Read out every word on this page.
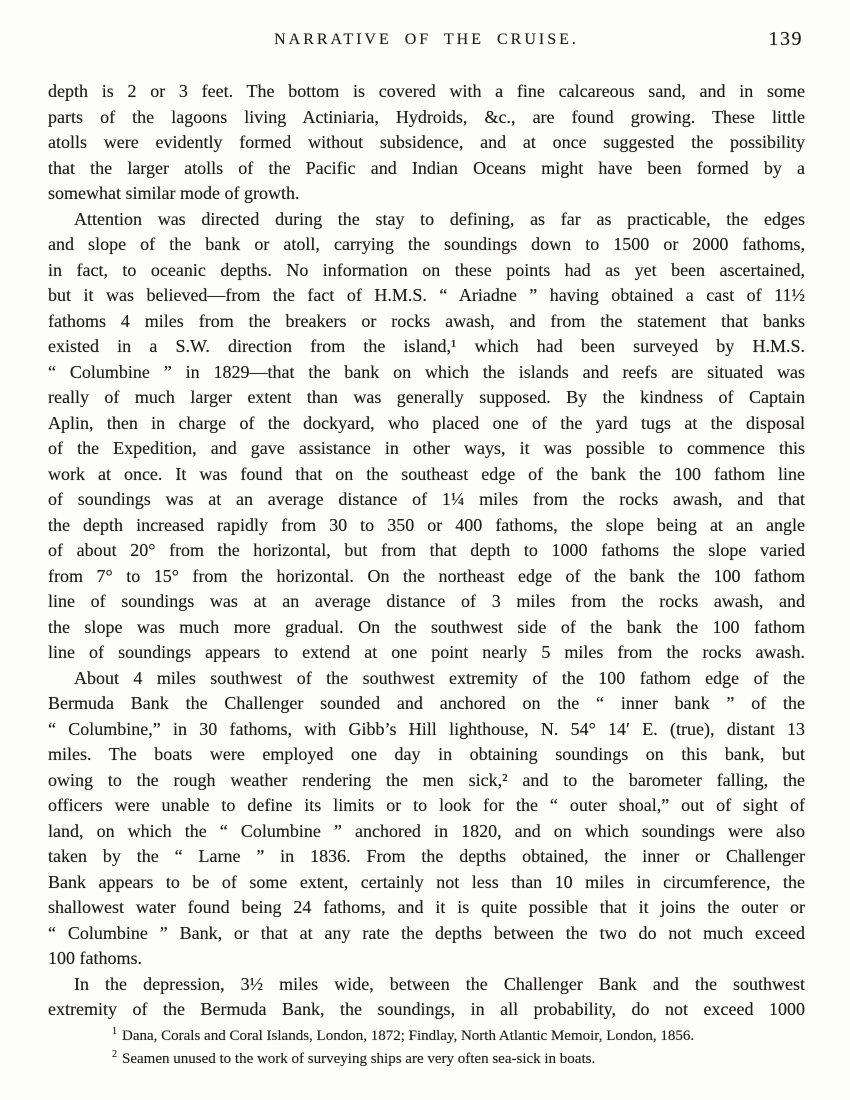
NARRATIVE OF THE CRUISE.	139
depth is 2 or 3 feet. The bottom is covered with a fine calcareous sand, and in some
parts of the lagoons living Actiniaria, Hydroids, &c., are found growing. These little
atolls were evidently formed without subsidence, and at once suggested the possibility
that the larger atolls of the Pacific and Indian Oceans might have been formed by a
somewhat similar mode of growth.
Attention was directed during the stay to defining, as far as practicable, the edges
and slope of the bank or atoll, carrying the soundings down to 1500 or 2000 fathoms,
in fact, to oceanic depths. No information on these points had as yet been ascertained,
but it was believed—from the fact of H.M.S. “ Ariadne ” having obtained a cast of 11½
fathoms 4 miles from the breakers or rocks awash, and from the statement that banks
existed in a S.W. direction from the island,¹ which had been surveyed by H.M.S.
“ Columbine ” in 1829—that the bank on which the islands and reefs are situated was
really of much larger extent than was generally supposed. By the kindness of Captain
Aplin, then in charge of the dockyard, who placed one of the yard tugs at the disposal
of the Expedition, and gave assistance in other ways, it was possible to commence this
work at once. It was found that on the southeast edge of the bank the 100 fathom line
of soundings was at an average distance of 1¼ miles from the rocks awash, and that
the depth increased rapidly from 30 to 350 or 400 fathoms, the slope being at an angle
of about 20° from the horizontal, but from that depth to 1000 fathoms the slope varied
from 7° to 15° from the horizontal. On the northeast edge of the bank the 100 fathom
line of soundings was at an average distance of 3 miles from the rocks awash, and
the slope was much more gradual. On the southwest side of the bank the 100 fathom
line of soundings appears to extend at one point nearly 5 miles from the rocks awash.
About 4 miles southwest of the southwest extremity of the 100 fathom edge of the
Bermuda Bank the Challenger sounded and anchored on the “ inner bank ” of the
“ Columbine,” in 30 fathoms, with Gibb’s Hill lighthouse, N. 54° 14′ E. (true), distant 13
miles. The boats were employed one day in obtaining soundings on this bank, but
owing to the rough weather rendering the men sick,² and to the barometer falling, the
officers were unable to define its limits or to look for the “ outer shoal,” out of sight of
land, on which the “ Columbine ” anchored in 1820, and on which soundings were also
taken by the “ Larne ” in 1836. From the depths obtained, the inner or Challenger
Bank appears to be of some extent, certainly not less than 10 miles in circumference, the
shallowest water found being 24 fathoms, and it is quite possible that it joins the outer or
“ Columbine ” Bank, or that at any rate the depths between the two do not much exceed
100 fathoms.
In the depression, 3½ miles wide, between the Challenger Bank and the southwest
extremity of the Bermuda Bank, the soundings, in all probability, do not exceed 1000
$^1$ Dana, Corals and Coral Islands, London, 1872; Findlay, North Atlantic Memoir, London, 1856.
$^2$ Seamen unused to the work of surveying ships are very often sea-sick in boats.
